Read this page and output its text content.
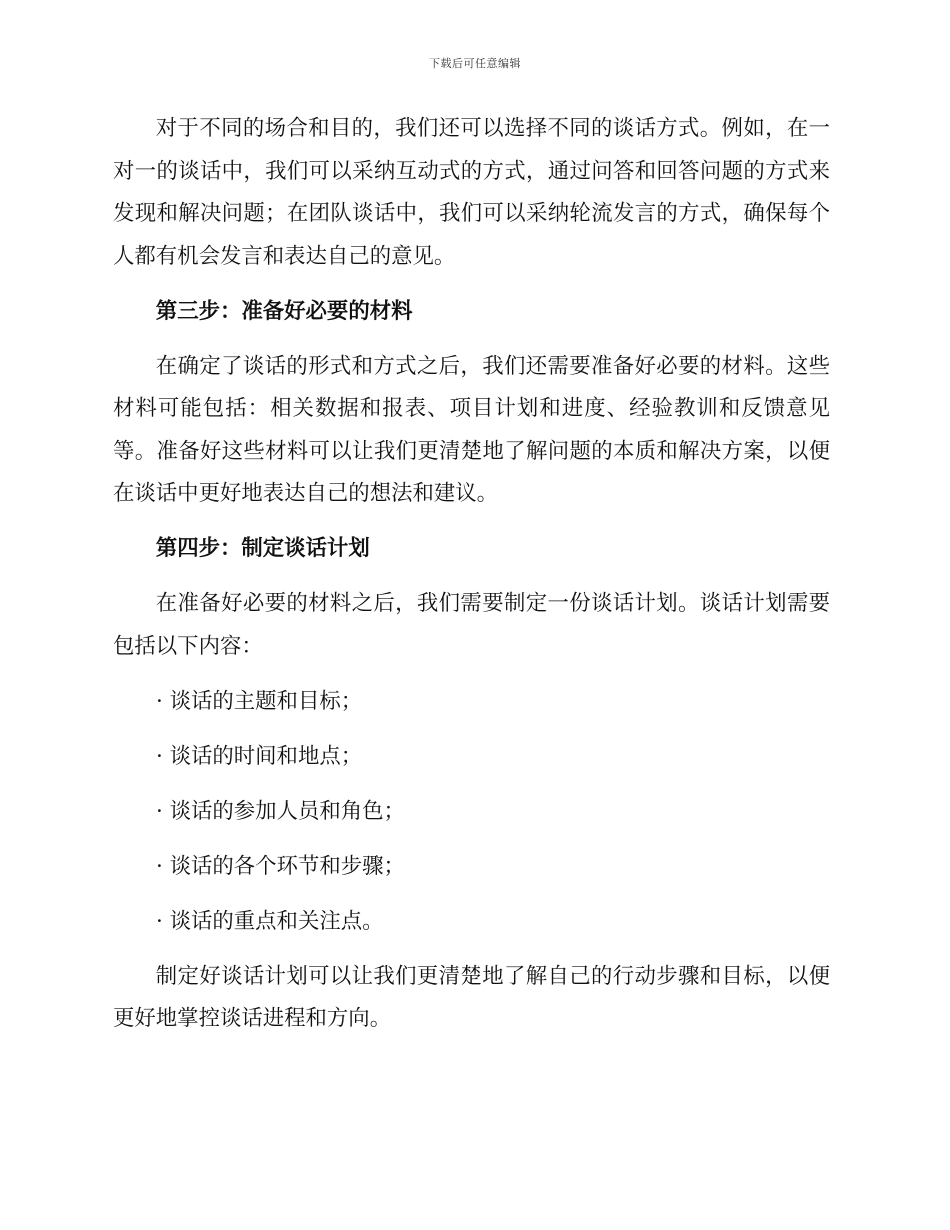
下载后可任意编辑

对于不同的场合和目的，我们还可以选择不同的谈话方式。例如，在一对一的谈话中，我们可以采纳互动式的方式，通过问答和回答问题的方式来发现和解决问题；在团队谈话中，我们可以采纳轮流发言的方式，确保每个人都有机会发言和表达自己的意见。

第三步：准备好必要的材料

在确定了谈话的形式和方式之后，我们还需要准备好必要的材料。这些材料可能包括：相关数据和报表、项目计划和进度、经验教训和反馈意见等。准备好这些材料可以让我们更清楚地了解问题的本质和解决方案，以便在谈话中更好地表达自己的想法和建议。

第四步：制定谈话计划

在准备好必要的材料之后，我们需要制定一份谈话计划。谈话计划需要包括以下内容：

· 谈话的主题和目标；

· 谈话的时间和地点；

· 谈话的参加人员和角色；

· 谈话的各个环节和步骤；

· 谈话的重点和关注点。

制定好谈话计划可以让我们更清楚地了解自己的行动步骤和目标，以便更好地掌控谈话进程和方向。
